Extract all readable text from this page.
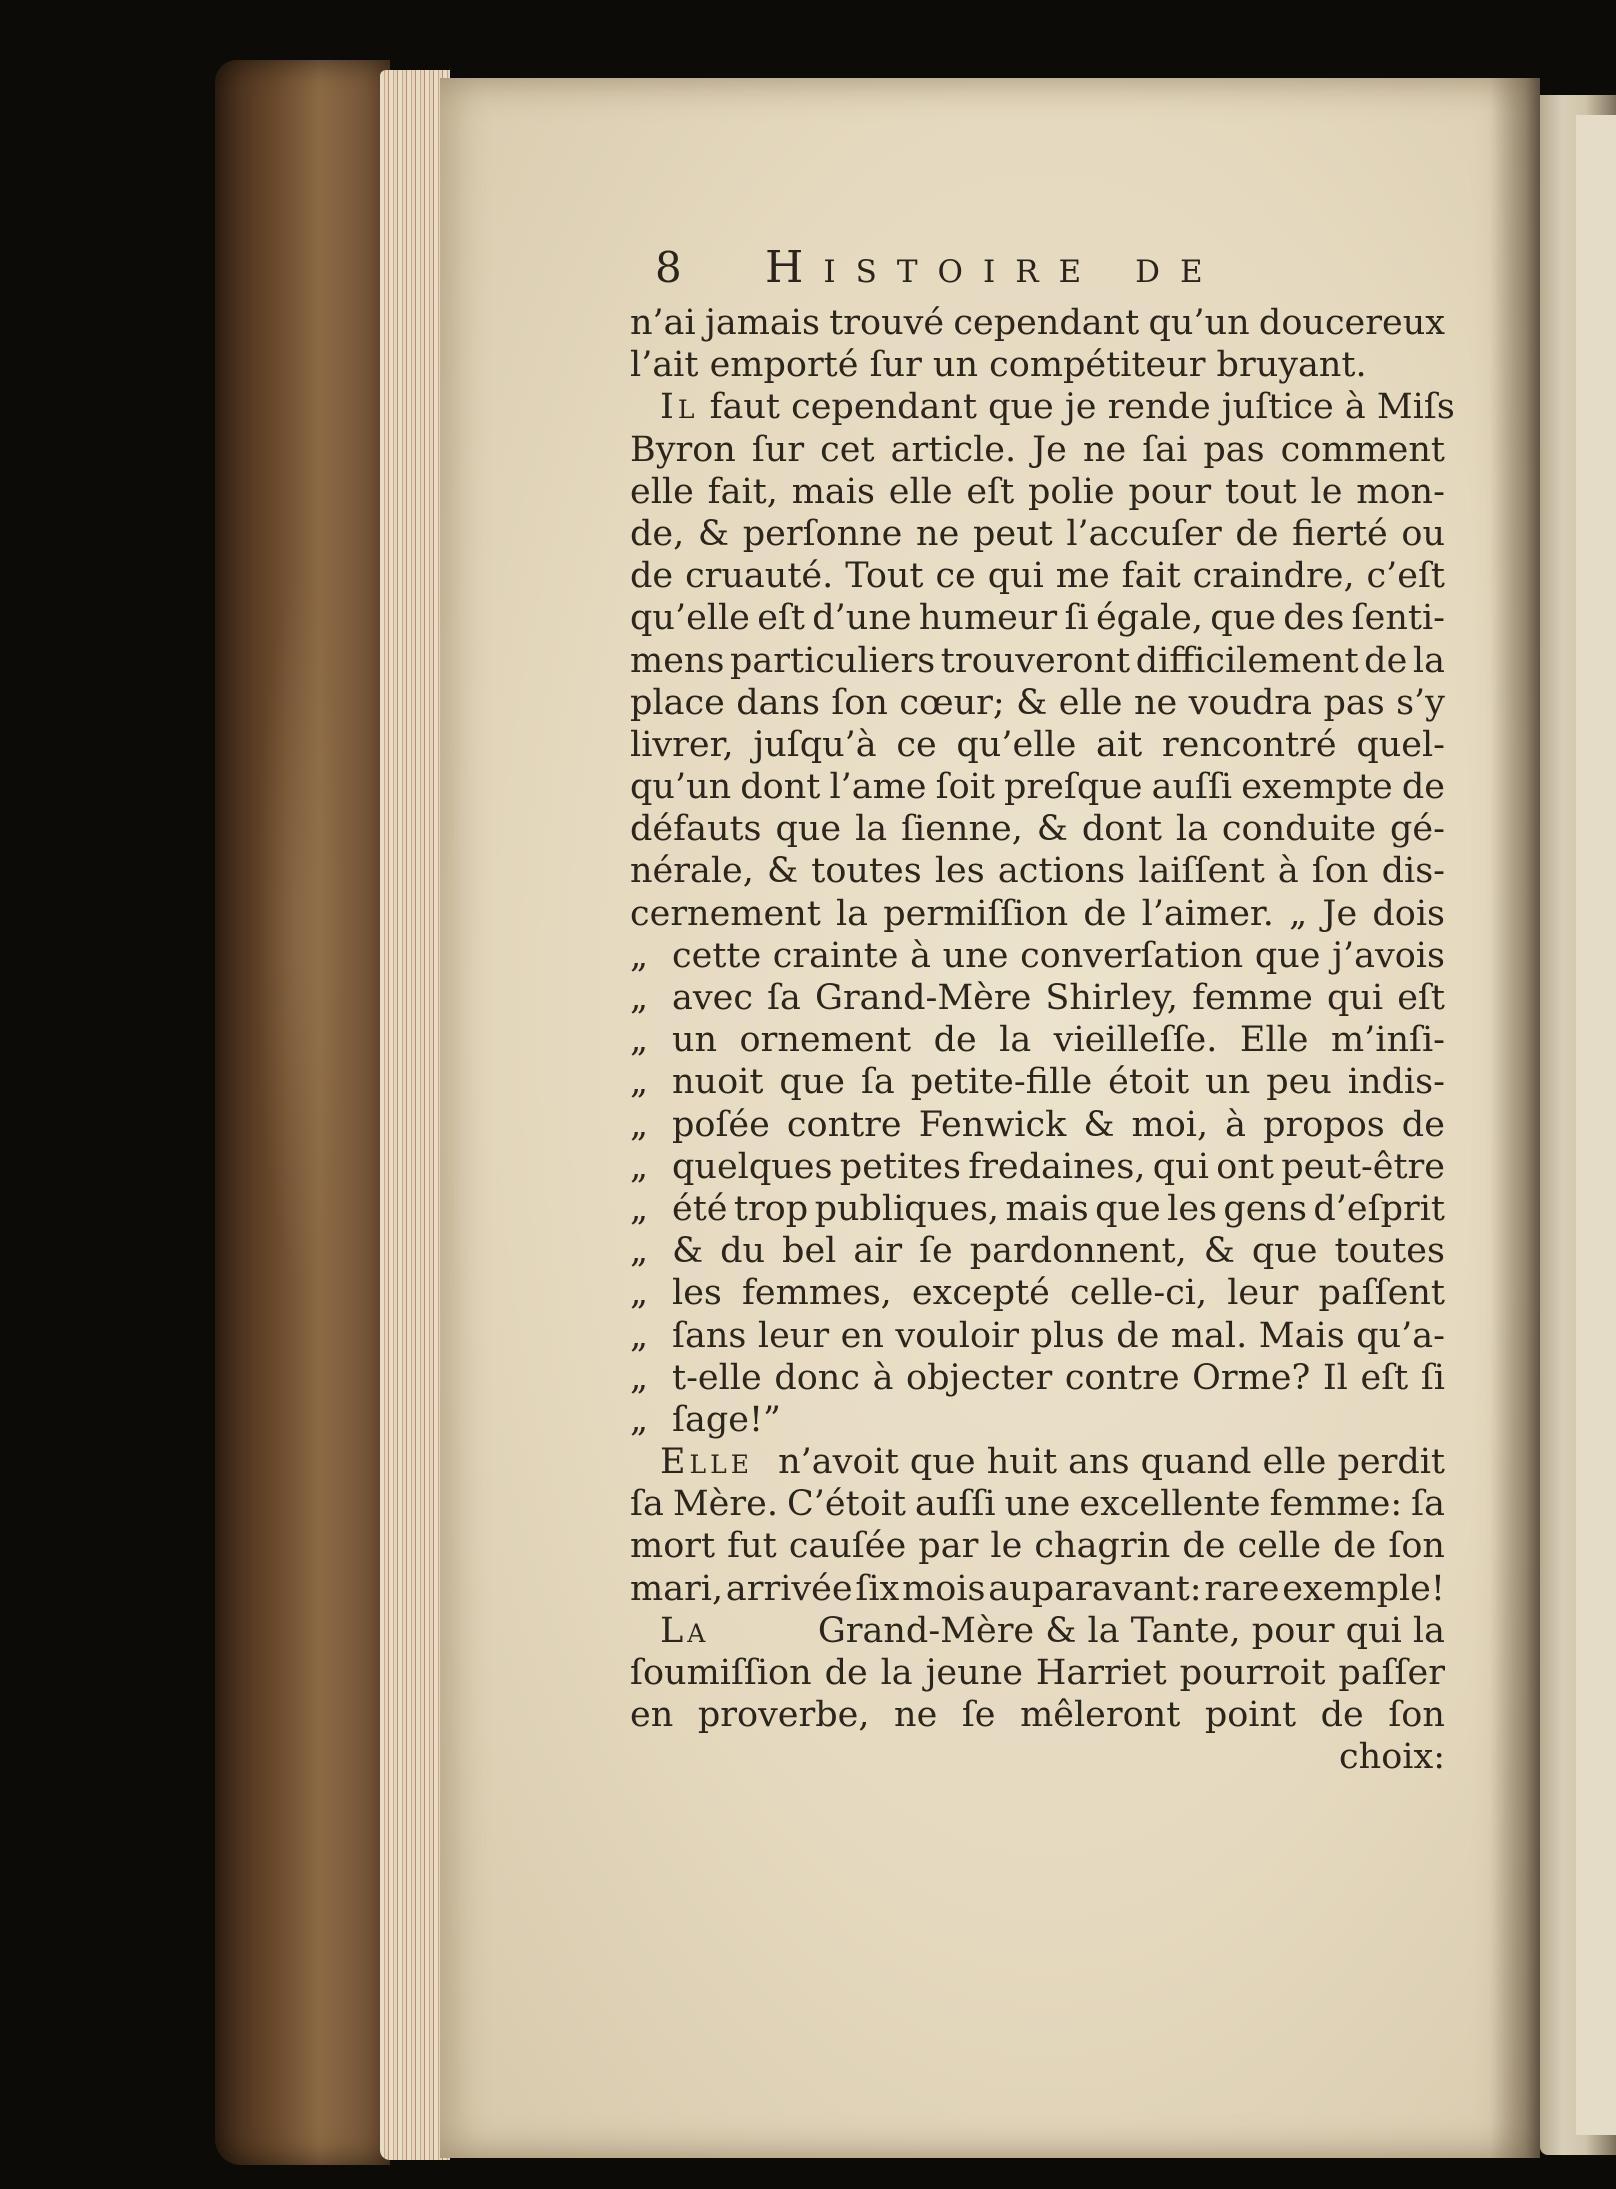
8 Histoire de
n’ai jamais trouvé cependant qu’un doucereux
l’ait emporté ſur un compétiteur bruyant.
Il faut cependant que je rende juſtice à Miſs
Byron ſur cet article. Je ne ſai pas comment
elle fait, mais elle eſt polie pour tout le mon-
de, & perſonne ne peut l’accuſer de fierté ou
de cruauté. Tout ce qui me fait craindre, c’eſt
qu’elle eſt d’une humeur ſi égale, que des ſenti-
mens particuliers trouveront difficilement de la
place dans ſon cœur; & elle ne voudra pas s’y
livrer, juſqu’à ce qu’elle ait rencontré quel-
qu’un dont l’ame ſoit preſque auſſi exempte de
défauts que la ſienne, & dont la conduite gé-
nérale, & toutes les actions laiſſent à ſon dis-
cernement la permiſſion de l’aimer. „ Je dois
„ cette crainte à une converſation que j’avois
„ avec ſa Grand-Mère Shirley, femme qui eſt
„ un ornement de la vieilleſſe. Elle m’inſi-
„ nuoit que ſa petite-fille étoit un peu indis-
„ poſée contre Fenwick & moi, à propos de
„ quelques petites fredaines, qui ont peut-être
„ été trop publiques, mais que les gens d’eſprit
„ & du bel air ſe pardonnent, & que toutes
„ les femmes, excepté celle-ci, leur paſſent
„ ſans leur en vouloir plus de mal. Mais qu’a-
„ t-elle donc à objecter contre Orme? Il eſt ſi
„ ſage!”
Elle n’avoit que huit ans quand elle perdit
ſa Mère. C’étoit auſſi une excellente femme: ſa
mort fut cauſée par le chagrin de celle de ſon
mari, arrivée ſix mois auparavant: rare exemple!
La	Grand-Mère & la Tante, pour qui la
ſoumiſſion de la jeune Harriet pourroit paſſer
en proverbe, ne ſe mêleront point de ſon
choix:
